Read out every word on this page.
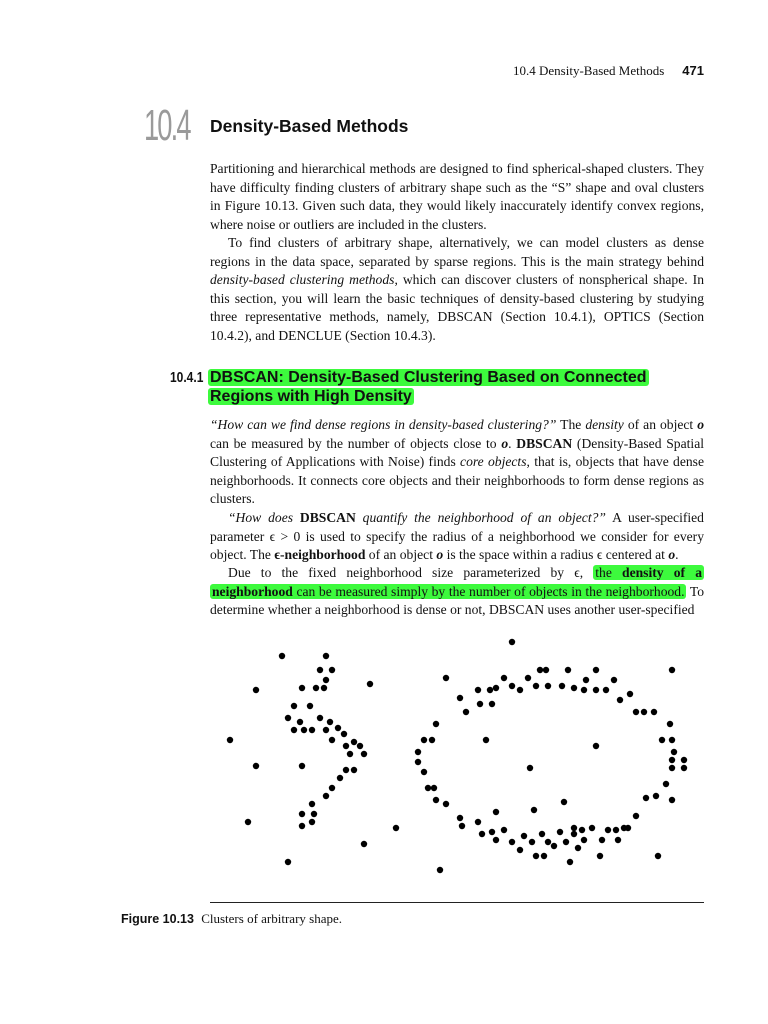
10.4 Density-Based Methods 471
10.4 Density-Based Methods

Partitioning and hierarchical methods are designed to find spherical-shaped clusters. They have difficulty finding clusters of arbitrary shape such as the “S” shape and oval clusters in Figure 10.13. Given such data, they would likely inaccurately identify convex regions, where noise or outliers are included in the clusters.

To find clusters of arbitrary shape, alternatively, we can model clusters as dense regions in the data space, separated by sparse regions. This is the main strategy behind density-based clustering methods, which can discover clusters of nonspherical shape. In this section, you will learn the basic techniques of density-based clustering by studying three representative methods, namely, DBSCAN (Section 10.4.1), OPTICS (Section 10.4.2), and DENCLUE (Section 10.4.3).

10.4.1 DBSCAN: Density-Based Clustering Based on Connected Regions with High Density

“How can we find dense regions in density-based clustering?” The density of an object o can be measured by the number of objects close to o. DBSCAN (Density-Based Spatial Clustering of Applications with Noise) finds core objects, that is, objects that have dense neighborhoods. It connects core objects and their neighborhoods to form dense regions as clusters.

“How does DBSCAN quantify the neighborhood of an object?” A user-specified parameter ϵ > 0 is used to specify the radius of a neighborhood we consider for every object. The ϵ-neighborhood of an object o is the space within a radius ϵ centered at o.

Due to the fixed neighborhood size parameterized by ϵ, the density of a neighborhood can be measured simply by the number of objects in the neighborhood. To determine whether a neighborhood is dense or not, DBSCAN uses another user-specified

Figure 10.13 Clusters of arbitrary shape.
